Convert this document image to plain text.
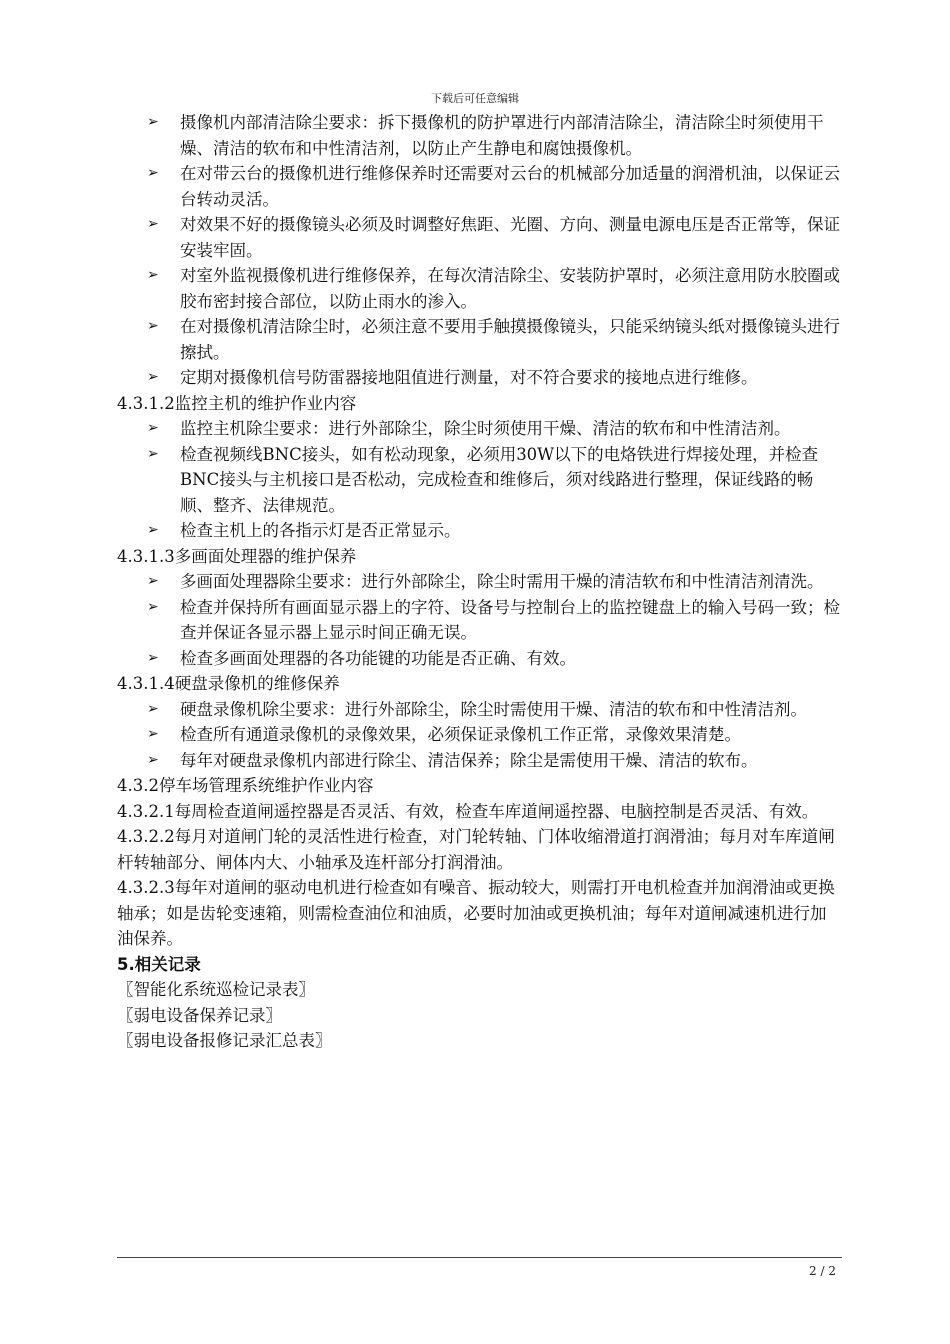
下载后可任意编辑
➢ 摄像机内部清洁除尘要求：拆下摄像机的防护罩进行内部清洁除尘，清洁除尘时须使用干燥、清洁的软布和中性清洁剂，以防止产生静电和腐蚀摄像机。
➢ 在对带云台的摄像机进行维修保养时还需要对云台的机械部分加适量的润滑机油，以保证云台转动灵活。
➢ 对效果不好的摄像镜头必须及时调整好焦距、光圈、方向、测量电源电压是否正常等，保证安装牢固。
➢ 对室外监视摄像机进行维修保养，在每次清洁除尘、安装防护罩时，必须注意用防水胶圈或胶布密封接合部位，以防止雨水的渗入。
➢ 在对摄像机清洁除尘时，必须注意不要用手触摸摄像镜头，只能采纳镜头纸对摄像镜头进行擦拭。
➢ 定期对摄像机信号防雷器接地阻值进行测量，对不符合要求的接地点进行维修。

4.3.1.2监控主机的维护作业内容

➢ 监控主机除尘要求：进行外部除尘，除尘时须使用干燥、清洁的软布和中性清洁剂。
➢ 检查视频线BNC接头，如有松动现象，必须用30W以下的电烙铁进行焊接处理，并检查BNC接头与主机接口是否松动，完成检查和维修后，须对线路进行整理，保证线路的畅顺、整齐、法律规范。
➢ 检查主机上的各指示灯是否正常显示。

4.3.1.3多画面处理器的维护保养

➢ 多画面处理器除尘要求：进行外部除尘，除尘时需用干燥的清洁软布和中性清洁剂清洗。
➢ 检查并保持所有画面显示器上的字符、设备号与控制台上的监控键盘上的输入号码一致；检查并保证各显示器上显示时间正确无误。
➢ 检查多画面处理器的各功能键的功能是否正确、有效。

4.3.1.4硬盘录像机的维修保养

➢ 硬盘录像机除尘要求：进行外部除尘，除尘时需使用干燥、清洁的软布和中性清洁剂。
➢ 检查所有通道录像机的录像效果，必须保证录像机工作正常，录像效果清楚。
➢ 每年对硬盘录像机内部进行除尘、清洁保养；除尘是需使用干燥、清洁的软布。

4.3.2停车场管理系统维护作业内容

4.3.2.1每周检查道闸遥控器是否灵活、有效，检查车库道闸遥控器、电脑控制是否灵活、有效。

4.3.2.2每月对道闸门轮的灵活性进行检查，对门轮转轴、门体收缩滑道打润滑油；每月对车库道闸杆转轴部分、闸体内大、小轴承及连杆部分打润滑油。

4.3.2.3每年对道闸的驱动电机进行检查如有噪音、振动较大，则需打开电机检查并加润滑油或更换轴承；如是齿轮变速箱，则需检查油位和油质，必要时加油或更换机油；每年对道闸减速机进行加油保养。

5.相关记录

〖智能化系统巡检记录表〗

〖弱电设备保养记录〗

〖弱电设备报修记录汇总表〗

2 / 2
